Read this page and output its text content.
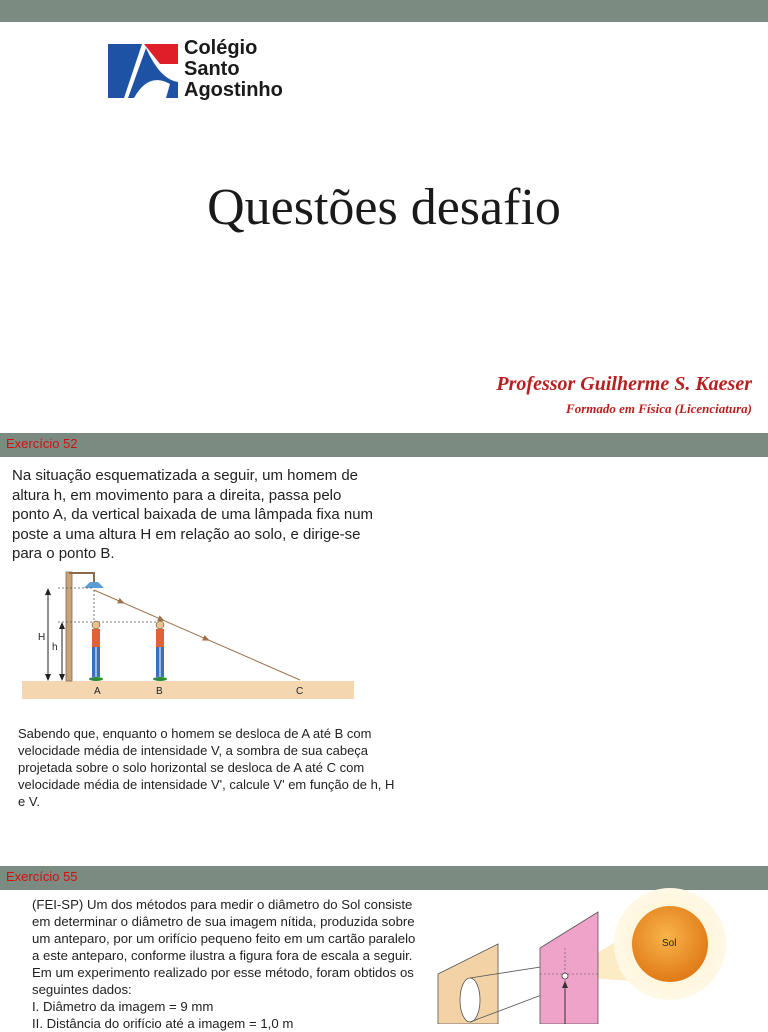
Colégio
Santo
Agostinho
Questões desafio
Professor Guilherme S. Kaeser
Formado em Física (Licenciatura)
Exercício 52
Na situação esquematizada a seguir, um homem de altura h, em movimento para a direita, passa pelo ponto A, da vertical baixada de uma lâmpada fixa num poste a uma altura H em relação ao solo, e dirige-se para o ponto B.
H
h
A	B	C
Sabendo que, enquanto o homem se desloca de A até B com velocidade média de intensidade V, a sombra de sua cabeça projetada sobre o solo horizontal se desloca de A até C com velocidade média de intensidade V', calcule V' em função de h, H e V.
Exercício 55
(FEI-SP) Um dos métodos para medir o diâmetro do Sol consiste em determinar o diâmetro de sua imagem nítida, produzida sobre um anteparo, por um orifício pequeno feito em um cartão paralelo a este anteparo, conforme ilustra a figura fora de escala a seguir. Em um experimento realizado por esse método, foram obtidos os seguintes dados:
I. Diâmetro da imagem = 9 mm
II. Distância do orifício até a imagem = 1,0 m
Sol
